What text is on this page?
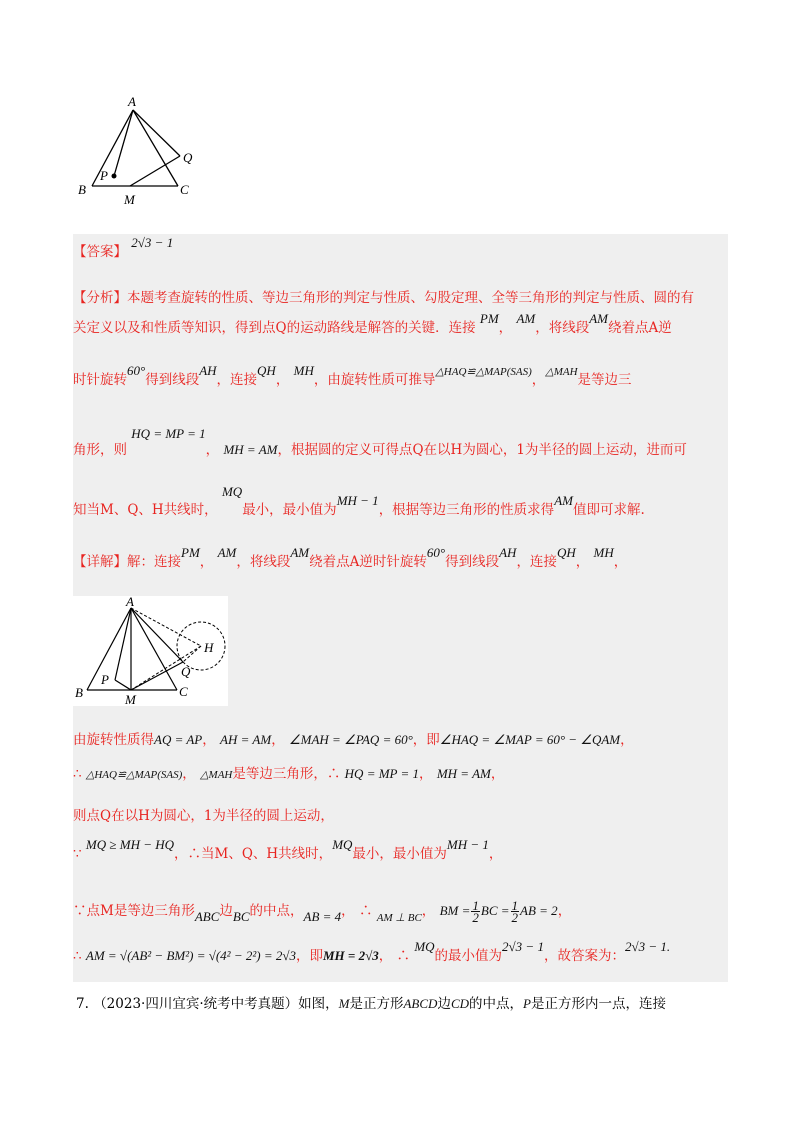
A
B	C
M
P
Q
【答案】 2√3 − 1
【分析】本题考查旋转的性质、等边三角形的判定与性质、勾股定理、全等三角形的判定与性质、圆的有
关定义以及和性质等知识，得到点Q的运动路线是解答的关键．连接 PM， AM，将线段AM绕着点A逆
时针旋转60°得到线段AH，连接QH， MH，由旋转性质可推导$^{\triangle HAQ≌\triangle MAP(SAS)}$，$^{\triangle MAH}$是等边三
角形，则 HQ = MP = 1， MH = AM，根据圆的定义可得点Q在以H为圆心，1为半径的圆上运动，进而可
知当M、Q、H共线时， MQ最小，最小值为MH − 1，根据等边三角形的性质求得AM值即可求解.
【详解】解：连接PM， AM，将线段AM绕着点A逆时针旋转60°得到线段AH，连接QH， MH，
A
B	C
M
P
Q
H
由旋转性质得AQ = AP， AH = AM， ∠MAH = ∠PAQ = 60°，即∠HAQ = ∠MAP = 60° − ∠QAM，
∴ △HAQ≌△MAP(SAS)， △MAH是等边三角形，∴ HQ = MP = 1， MH = AM，
则点Q在以H为圆心，1为半径的圆上运动，
∵ MQ ≥ MH − HQ，∴当M、Q、H共线时，MQ最小，最小值为MH − 1，
∵点M是等边三角形ABC边BC的中点，AB = 4， ∴ $_{AM \perp BC}$， BM = $\frac{1}{2}$ BC = $\frac{1}{2}$ AB = 2，
∴ AM = √(AB² − BM²) = √(4² − 2²) = 2√3，即MH = 2√3， ∴ MQ的最小值为2√3 − 1，故答案为：2√3 − 1.
7. （2023·四川宜宾·统考中考真题）如图，M是正方形ABCD边CD的中点，P是正方形内一点，连接
